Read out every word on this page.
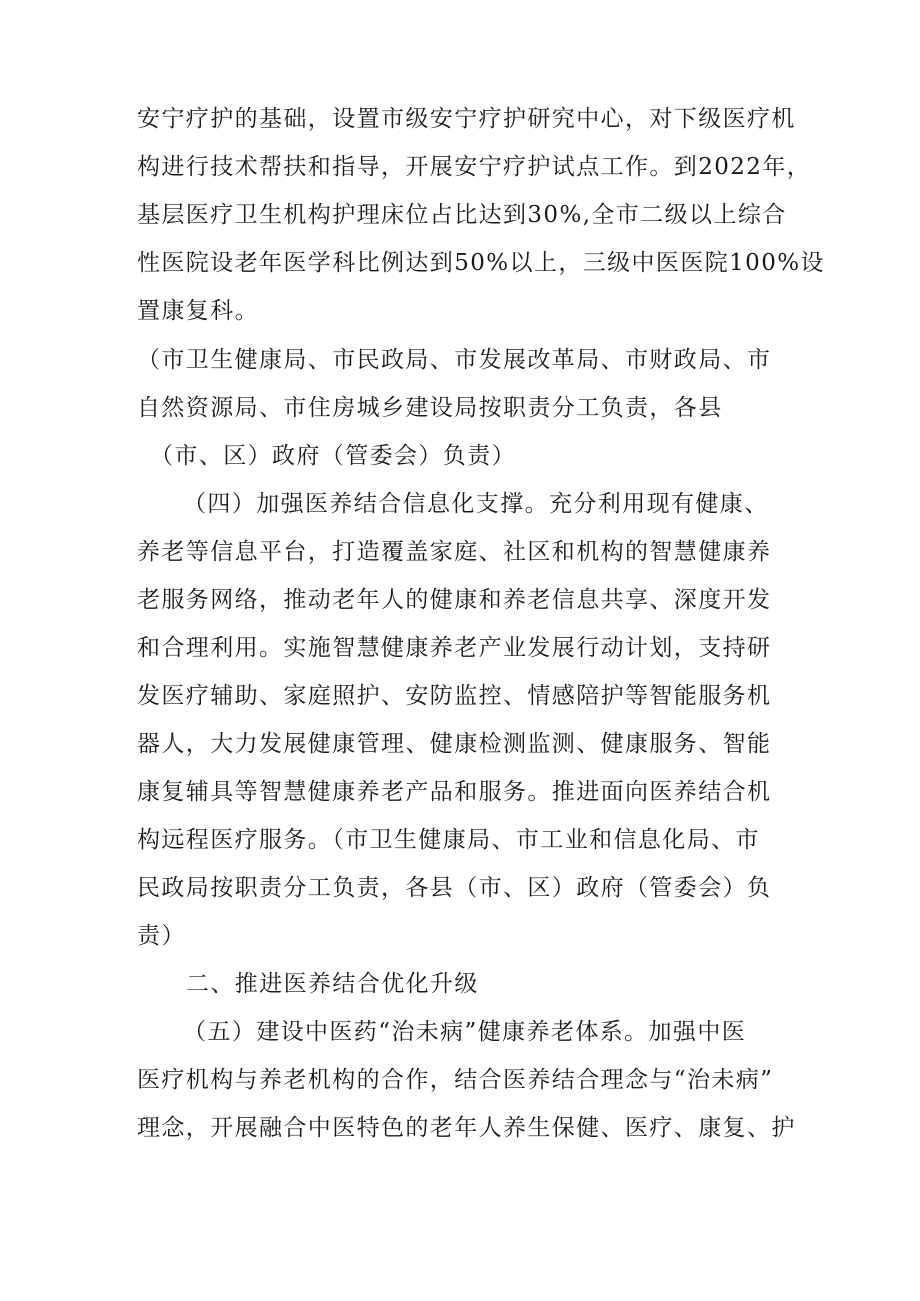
安宁疗护的基础，设置市级安宁疗护研究中心，对下级医疗机

构进行技术帮扶和指导，开展安宁疗护试点工作。到2022年，

基层医疗卫生机构护理床位占比达到30%,全市二级以上综合

性医院设老年医学科比例达到50%以上，三级中医医院100%设

置康复科。

（市卫生健康局、市民政局、市发展改革局、市财政局、市

自然资源局、市住房城乡建设局按职责分工负责，各县

（市、区）政府（管委会）负责）

（四）加强医养结合信息化支撑。充分利用现有健康、

养老等信息平台，打造覆盖家庭、社区和机构的智慧健康养

老服务网络，推动老年人的健康和养老信息共享、深度开发

和合理利用。实施智慧健康养老产业发展行动计划，支持研

发医疗辅助、家庭照护、安防监控、情感陪护等智能服务机

器人，大力发展健康管理、健康检测监测、健康服务、智能

康复辅具等智慧健康养老产品和服务。推进面向医养结合机

构远程医疗服务。（市卫生健康局、市工业和信息化局、市

民政局按职责分工负责，各县（市、区）政府（管委会）负

责）

二、推进医养结合优化升级

（五）建设中医药“治未病”健康养老体系。加强中医

医疗机构与养老机构的合作，结合医养结合理念与“治未病”

理念，开展融合中医特色的老年人养生保健、医疗、康复、护
